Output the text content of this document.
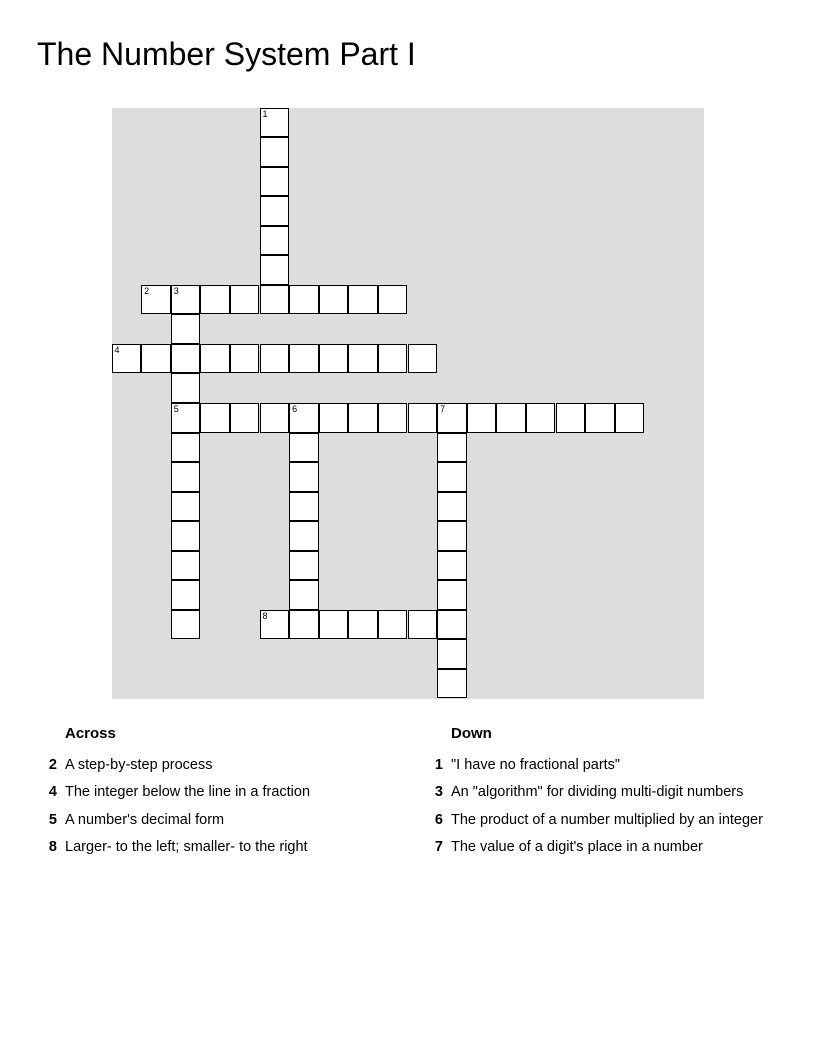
The Number System Part I
1
2	3
5
4
6	7
8
Across
2 A step-by-step process
4 The integer below the line in a fraction
5 A number's decimal form
8 Larger- to the left; smaller- to the right
Down
1 "I have no fractional parts"
3 An "algorithm" for dividing multi-digit numbers
6 The product of a number multiplied by an integer
7 The value of a digit's place in a number
